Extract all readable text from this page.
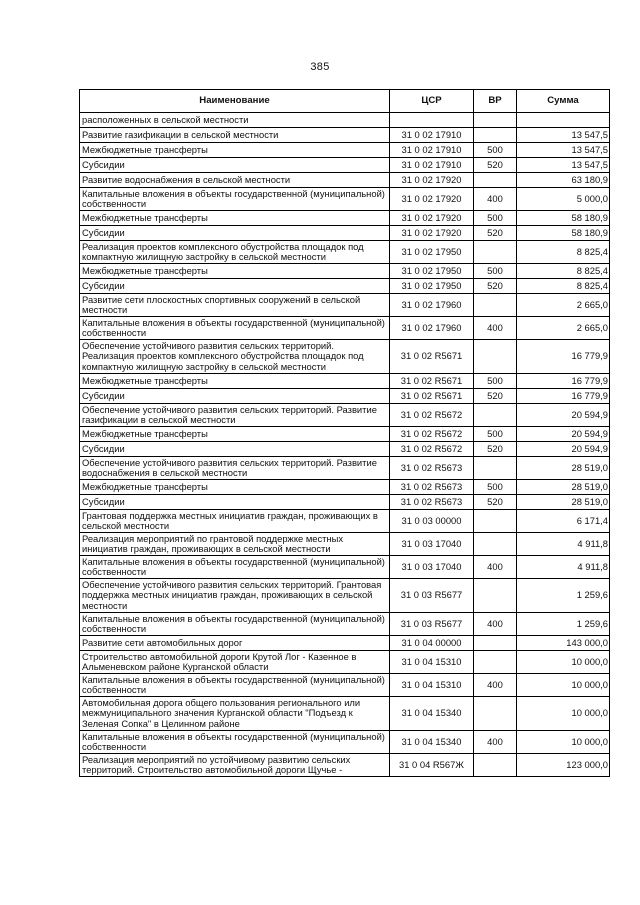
385
Наименование	ЦСР	ВР	Сумма
расположенных в сельской местности			
Развитие газификации в сельской местности	31 0 02 17910		13 547,5
Межбюджетные трансферты	31 0 02 17910	500	13 547,5
Субсидии	31 0 02 17910	520	13 547,5
Развитие водоснабжения в сельской местности	31 0 02 17920		63 180,9
Капитальные вложения в объекты государственной (муниципальной) собственности	31 0 02 17920	400	5 000,0
Межбюджетные трансферты	31 0 02 17920	500	58 180,9
Субсидии	31 0 02 17920	520	58 180,9
Реализация проектов комплексного обустройства площадок под компактную жилищную застройку в сельской местности	31 0 02 17950		8 825,4
Межбюджетные трансферты	31 0 02 17950	500	8 825,4
Субсидии	31 0 02 17950	520	8 825,4
Развитие сети плоскостных спортивных сооружений в сельской местности	31 0 02 17960		2 665,0
Капитальные вложения в объекты государственной (муниципальной) собственности	31 0 02 17960	400	2 665,0
Обеспечение устойчивого развития сельских территорий. Реализация проектов комплексного обустройства площадок под компактную жилищную застройку в сельской местности	31 0 02 R5671		16 779,9
Межбюджетные трансферты	31 0 02 R5671	500	16 779,9
Субсидии	31 0 02 R5671	520	16 779,9
Обеспечение устойчивого развития сельских территорий. Развитие газификации в сельской местности	31 0 02 R5672		20 594,9
Межбюджетные трансферты	31 0 02 R5672	500	20 594,9
Субсидии	31 0 02 R5672	520	20 594,9
Обеспечение устойчивого развития сельских территорий. Развитие водоснабжения в сельской местности	31 0 02 R5673		28 519,0
Межбюджетные трансферты	31 0 02 R5673	500	28 519,0
Субсидии	31 0 02 R5673	520	28 519,0
Грантовая поддержка местных инициатив граждан, проживающих в сельской местности	31 0 03 00000		6 171,4
Реализация мероприятий по грантовой поддержке местных инициатив граждан, проживающих в сельской местности	31 0 03 17040		4 911,8
Капитальные вложения в объекты государственной (муниципальной) собственности	31 0 03 17040	400	4 911,8
Обеспечение устойчивого развития сельских территорий. Грантовая поддержка местных инициатив граждан, проживающих в сельской местности	31 0 03 R5677		1 259,6
Капитальные вложения в объекты государственной (муниципальной) собственности	31 0 03 R5677	400	1 259,6
Развитие сети автомобильных дорог	31 0 04 00000		143 000,0
Строительство автомобильной дороги Крутой Лог - Казенное в Альменевском районе Курганской области	31 0 04 15310		10 000,0
Капитальные вложения в объекты государственной (муниципальной) собственности	31 0 04 15310	400	10 000,0
Автомобильная дорога общего пользования регионального или межмуниципального значения Курганской области "Подъезд к Зеленая Сопка" в Целинном районе	31 0 04 15340		10 000,0
Капитальные вложения в объекты государственной (муниципальной) собственности	31 0 04 15340	400	10 000,0
Реализация мероприятий по устойчивому развитию сельских территорий. Строительство автомобильной дороги Щучье -	31 0 04 R567Ж		123 000,0
